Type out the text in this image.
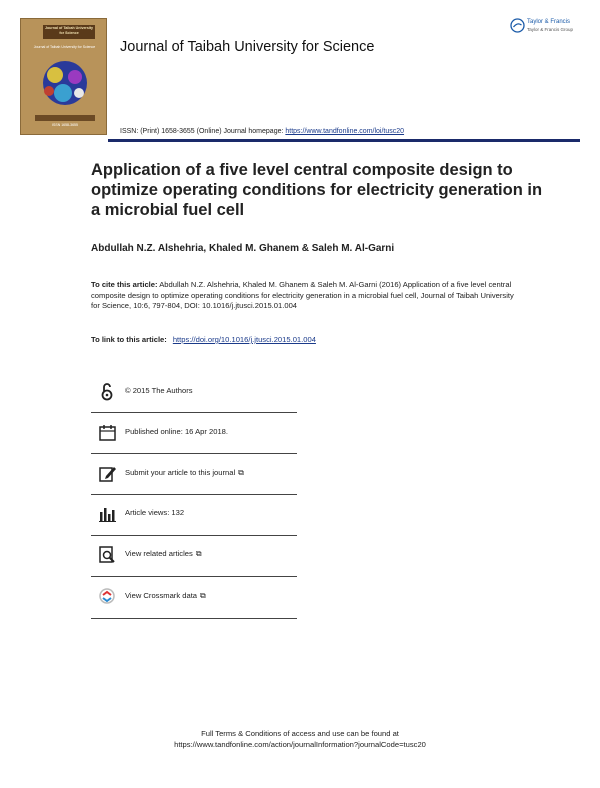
Journal of Taibah University for Science
Journal of Taibah University for Science
ISSN 1658-3655
Journal of Taibah University for Science
Taylor & Francis
Taylor & Francis Group
ISSN: (Print) 1658-3655 (Online) Journal homepage: https://www.tandfonline.com/loi/tusc20
Application of a five level central composite design to optimize operating conditions for electricity generation in a microbial fuel cell
Abdullah N.Z. Alshehria, Khaled M. Ghanem & Saleh M. Al-Garni
To cite this article: Abdullah N.Z. Alshehria, Khaled M. Ghanem & Saleh M. Al-Garni (2016) Application of a five level central composite design to optimize operating conditions for electricity generation in a microbial fuel cell, Journal of Taibah University for Science, 10:6, 797-804, DOI: 10.1016/j.jtusci.2015.01.004
To link to this article: https://doi.org/10.1016/j.jtusci.2015.01.004
© 2015 The Authors
Published online: 16 Apr 2018.
Submit your article to this journal ⧉
Article views: 132
View related articles ⧉
View Crossmark data ⧉
Full Terms & Conditions of access and use can be found at
https://www.tandfonline.com/action/journalInformation?journalCode=tusc20
